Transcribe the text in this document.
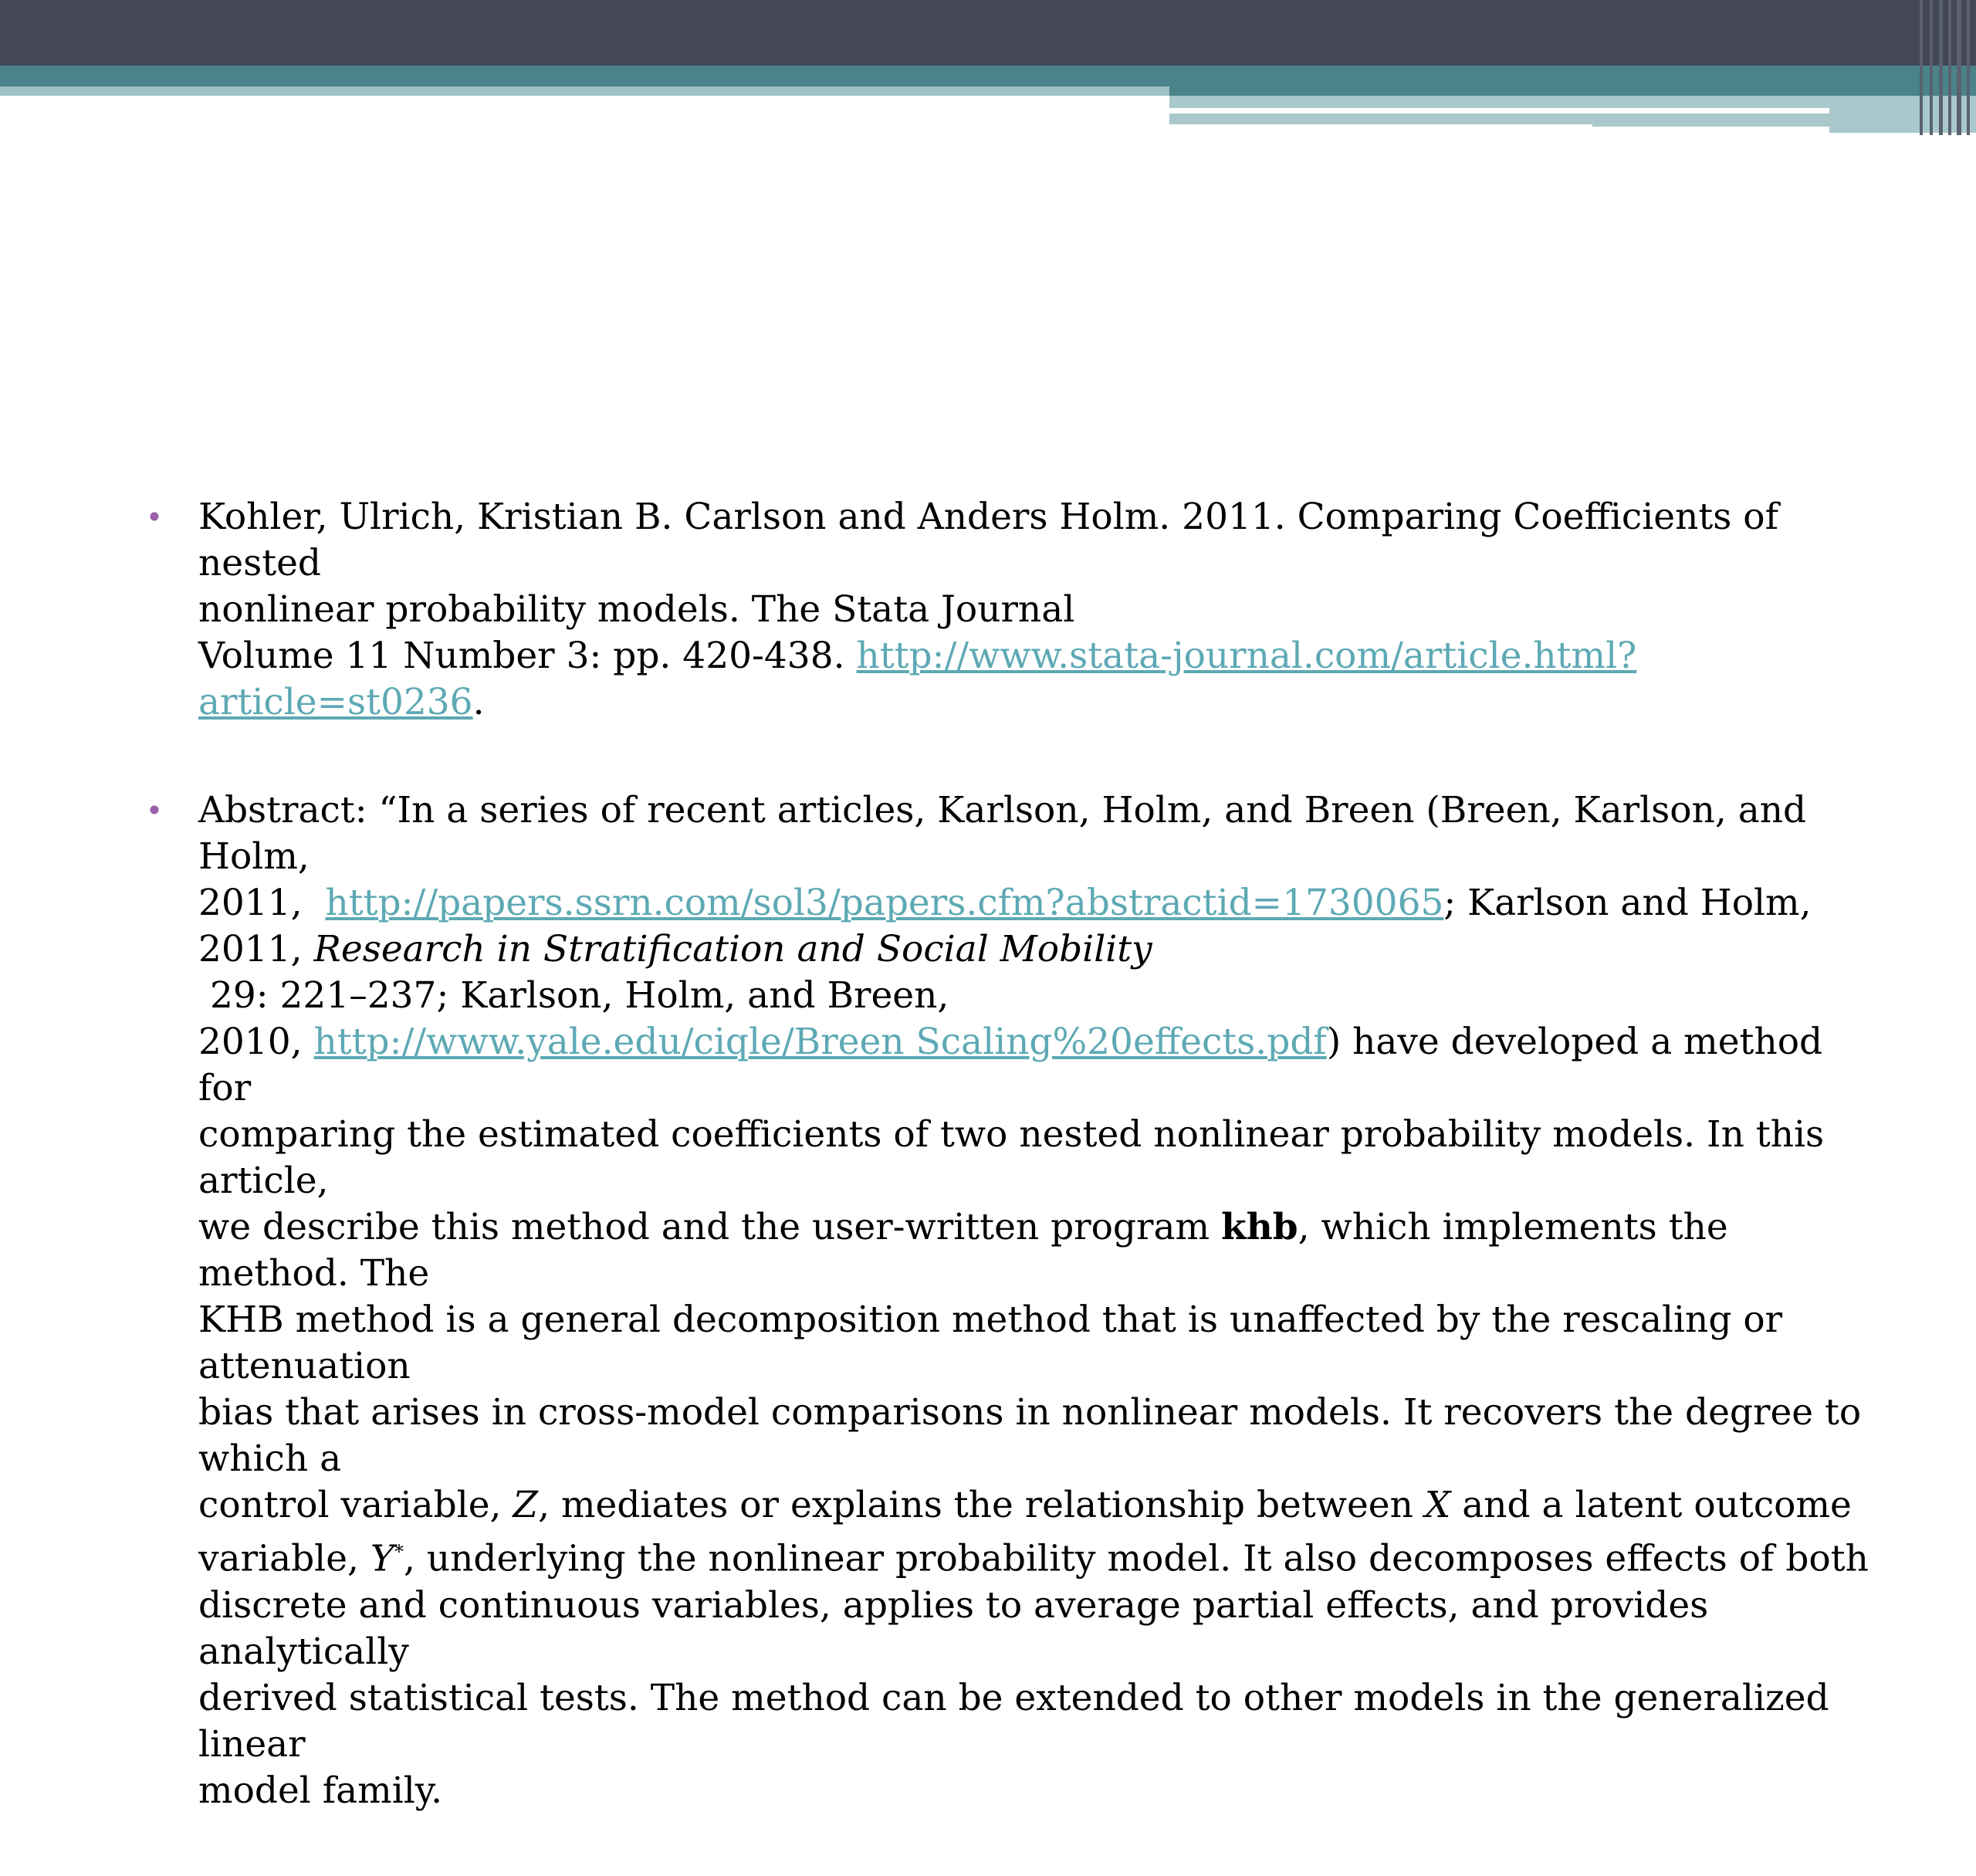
• Kohler, Ulrich, Kristian B. Carlson and Anders Holm. 2011. Comparing Coefficients of nested
nonlinear probability models. The Stata Journal
Volume 11 Number 3: pp. 420-438. http://www.stata-journal.com/article.html?article=st0236.
• Abstract: “In a series of recent articles, Karlson, Holm, and Breen (Breen, Karlson, and Holm,
2011,  http://papers.ssrn.com/sol3/papers.cfm?abstractid=1730065; Karlson and Holm,
2011, Research in Stratification and Social Mobility 29: 221–237; Karlson, Holm, and Breen,
2010, http://www.yale.edu/ciqle/Breen Scaling%20effects.pdf) have developed a method for
comparing the estimated coefficients of two nested nonlinear probability models. In this article,
we describe this method and the user-written program khb, which implements the method. The
KHB method is a general decomposition method that is unaffected by the rescaling or attenuation
bias that arises in cross-model comparisons in nonlinear models. It recovers the degree to which a
control variable, Z, mediates or explains the relationship between X and a latent outcome
variable, Y*, underlying the nonlinear probability model. It also decomposes effects of both
discrete and continuous variables, applies to average partial effects, and provides analytically
derived statistical tests. The method can be extended to other models in the generalized linear
model family.
